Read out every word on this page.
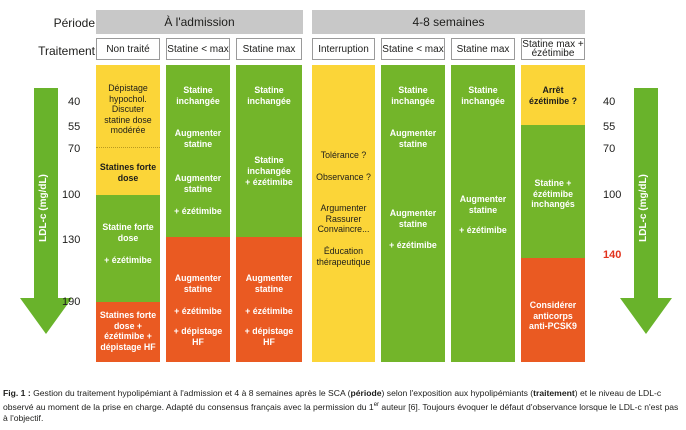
Période
Traitement
À l'admission	4-8 semaines
Non traité	Statine < max	Statine max	Interruption	Statine < max	Statine max	Statine max + ézétimibe
LDL-c (mg/dL)	LDL-c (mg/dL)
40
55
70
100
130
190
40
55
70
100
140
Dépistage hypochol. Discuter statine dose modérée
Statines forte dose
Statine forte dose
+ ézétimibe
Statines forte dose + ézétimibe + dépistage HF
Statine inchangée
Augmenter statine
Augmenter statine
+ ézétimibe
Augmenter statine
+ ézétimibe
+ dépistage HF
Statine inchangée
Statine inchangée
+ ézétimibe
Augmenter statine
+ ézétimibe
+ dépistage HF
Tolérance ?
Observance ?
Argumenter Rassurer Convaincre...
Éducation thérapeutique
Statine inchangée
Augmenter statine
Augmenter statine
+ ézétimibe
Statine inchangée
Augmenter statine
+ ézétimibe
Arrêt ézétimibe ?
Statine + ézétimibe inchangés
Considérer anticorps anti-PCSK9
Fig. 1 : Gestion du traitement hypolipémiant à l'admission et 4 à 8 semaines après le SCA (période) selon l'exposition aux hypolipémiants (traitement) et le niveau de LDL-c observé au moment de la prise en charge. Adapté du consensus français avec la permission du 1er auteur [6]. Toujours évoquer le défaut d'observance lorsque le LDL-c n'est pas à l'objectif.
